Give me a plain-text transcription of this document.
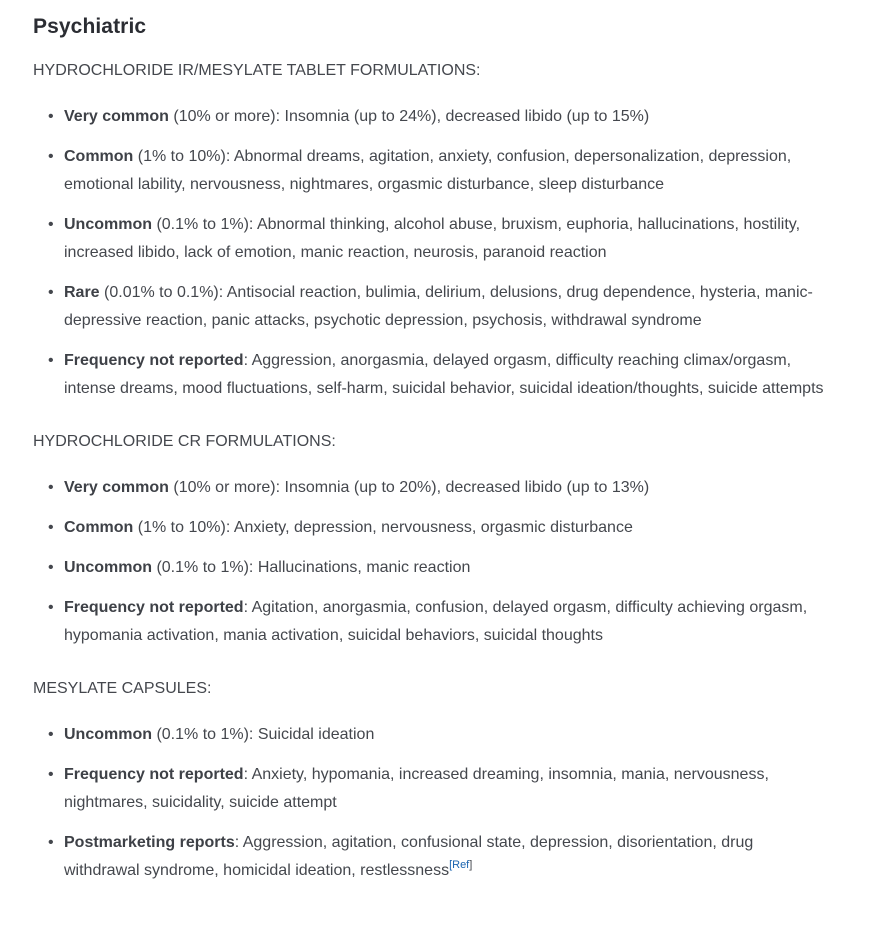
Psychiatric

HYDROCHLORIDE IR/MESYLATE TABLET FORMULATIONS:

• Very common (10% or more): Insomnia (up to 24%), decreased libido (up to 15%)
• Common (1% to 10%): Abnormal dreams, agitation, anxiety, confusion, depersonalization, depression, emotional lability, nervousness, nightmares, orgasmic disturbance, sleep disturbance
• Uncommon (0.1% to 1%): Abnormal thinking, alcohol abuse, bruxism, euphoria, hallucinations, hostility, increased libido, lack of emotion, manic reaction, neurosis, paranoid reaction
• Rare (0.01% to 0.1%): Antisocial reaction, bulimia, delirium, delusions, drug dependence, hysteria, manic-depressive reaction, panic attacks, psychotic depression, psychosis, withdrawal syndrome
• Frequency not reported: Aggression, anorgasmia, delayed orgasm, difficulty reaching climax/orgasm, intense dreams, mood fluctuations, self-harm, suicidal behavior, suicidal ideation/thoughts, suicide attempts

HYDROCHLORIDE CR FORMULATIONS:

• Very common (10% or more): Insomnia (up to 20%), decreased libido (up to 13%)
• Common (1% to 10%): Anxiety, depression, nervousness, orgasmic disturbance
• Uncommon (0.1% to 1%): Hallucinations, manic reaction
• Frequency not reported: Agitation, anorgasmia, confusion, delayed orgasm, difficulty achieving orgasm, hypomania activation, mania activation, suicidal behaviors, suicidal thoughts

MESYLATE CAPSULES:

• Uncommon (0.1% to 1%): Suicidal ideation
• Frequency not reported: Anxiety, hypomania, increased dreaming, insomnia, mania, nervousness, nightmares, suicidality, suicide attempt
• Postmarketing reports: Aggression, agitation, confusional state, depression, disorientation, drug withdrawal syndrome, homicidal ideation, restlessness[Ref]
